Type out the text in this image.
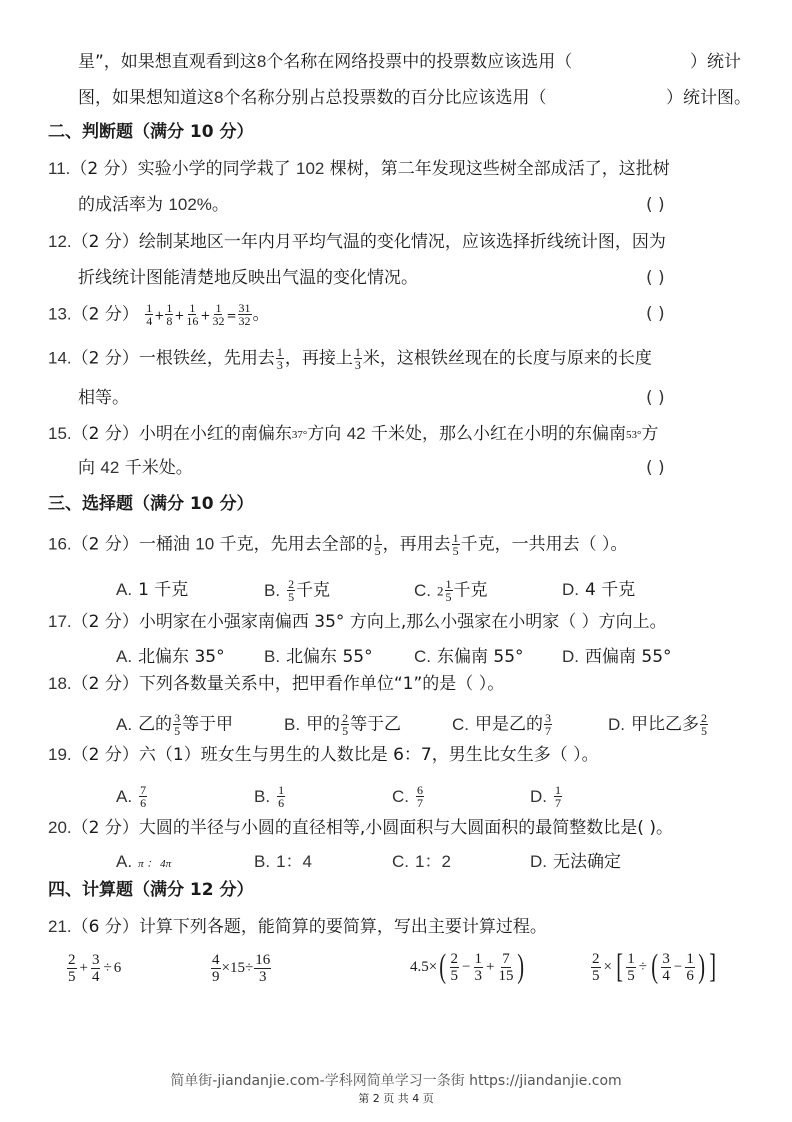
星”，如果想直观看到这8个名称在网络投票中的投票数应该选用（	）统计
图，如果想知道这8个名称分别占总投票数的百分比应该选用（	）统计图。
二、判断题（满分 10 分）
11.（2 分）实验小学的同学栽了 102 棵树，第二年发现这些树全部成活了，这批树
的成活率为 102%。	( )
12.（2 分）绘制某地区一年内月平均气温的变化情况，应该选择折线统计图，因为
折线统计图能清楚地反映出气温的变化情况。	( )
13.（2 分） $\frac{1}{4} + \frac{1}{8} + \frac{1}{16} + \frac{1}{32} = \frac{31}{32}$ 。	( )
14.（2 分）一根铁丝，先用去 $\frac{1}{3}$ ，再接上 $\frac{1}{3}$ 米，这根铁丝现在的长度与原来的长度
相等。	( )
15.（2 分）小明在小红的南偏东37°方向 42 千米处，那么小红在小明的东偏南53°方
向 42 千米处。	( )
三、选择题（满分 10 分）
16.（2 分）一桶油 10 千克，先用去全部的 $\frac{1}{5}$ ，再用去 $\frac{1}{5}$ 千克，一共用去（ ）。
A. 1 千克	B. $\frac{2}{5}$ 千克	C. $2 \frac{1}{5}$ 千克	D. 4 千克
17.（2 分）小明家在小强家南偏西 35° 方向上,那么小强家在小明家（ ）方向上。
A. 北偏东 35° B. 北偏东 55° C. 东偏南 55° D. 西偏南 55°
18.（2 分）下列各数量关系中，把甲看作单位“1”的是（ ）。
A. 乙的 $\frac{3}{5}$ 等于甲	B. 甲的 $\frac{2}{5}$ 等于乙	C. 甲是乙的 $\frac{3}{7}$	D. 甲比乙多 $\frac{2}{5}$
19.（2 分）六（1）班女生与男生的人数比是 6：7，男生比女生多（ ）。
A. $\frac{7}{6}$	B. $\frac{1}{6}$	C. $\frac{6}{7}$	D. $\frac{1}{7}$
20.（2 分）大圆的半径与小圆的直径相等,小圆面积与大圆面积的最简整数比是( )。
A. π ： 4π	B. 1：4	C. 1：2	D. 无法确定
四、计算题（满分 12 分）
21.（6 分）计算下列各题，能简算的要简算，写出主要计算过程。
$\frac{2}{5} + \frac{3}{4} \div 6$	$\frac{4}{9} \times 15\div \frac{16}{3}$	4.5× ( $\frac{2}{5} - \frac{1}{3} + \frac{7}{15}$ )	$\frac{2}{5}$ × [ $\frac{1}{5}$ ÷ ( $\frac{3}{4} - \frac{1}{6}$ ) ]
简单街-jiandanjie.com-学科网简单学习一条街 https://jiandanjie.com
第 2 页 共 4 页
